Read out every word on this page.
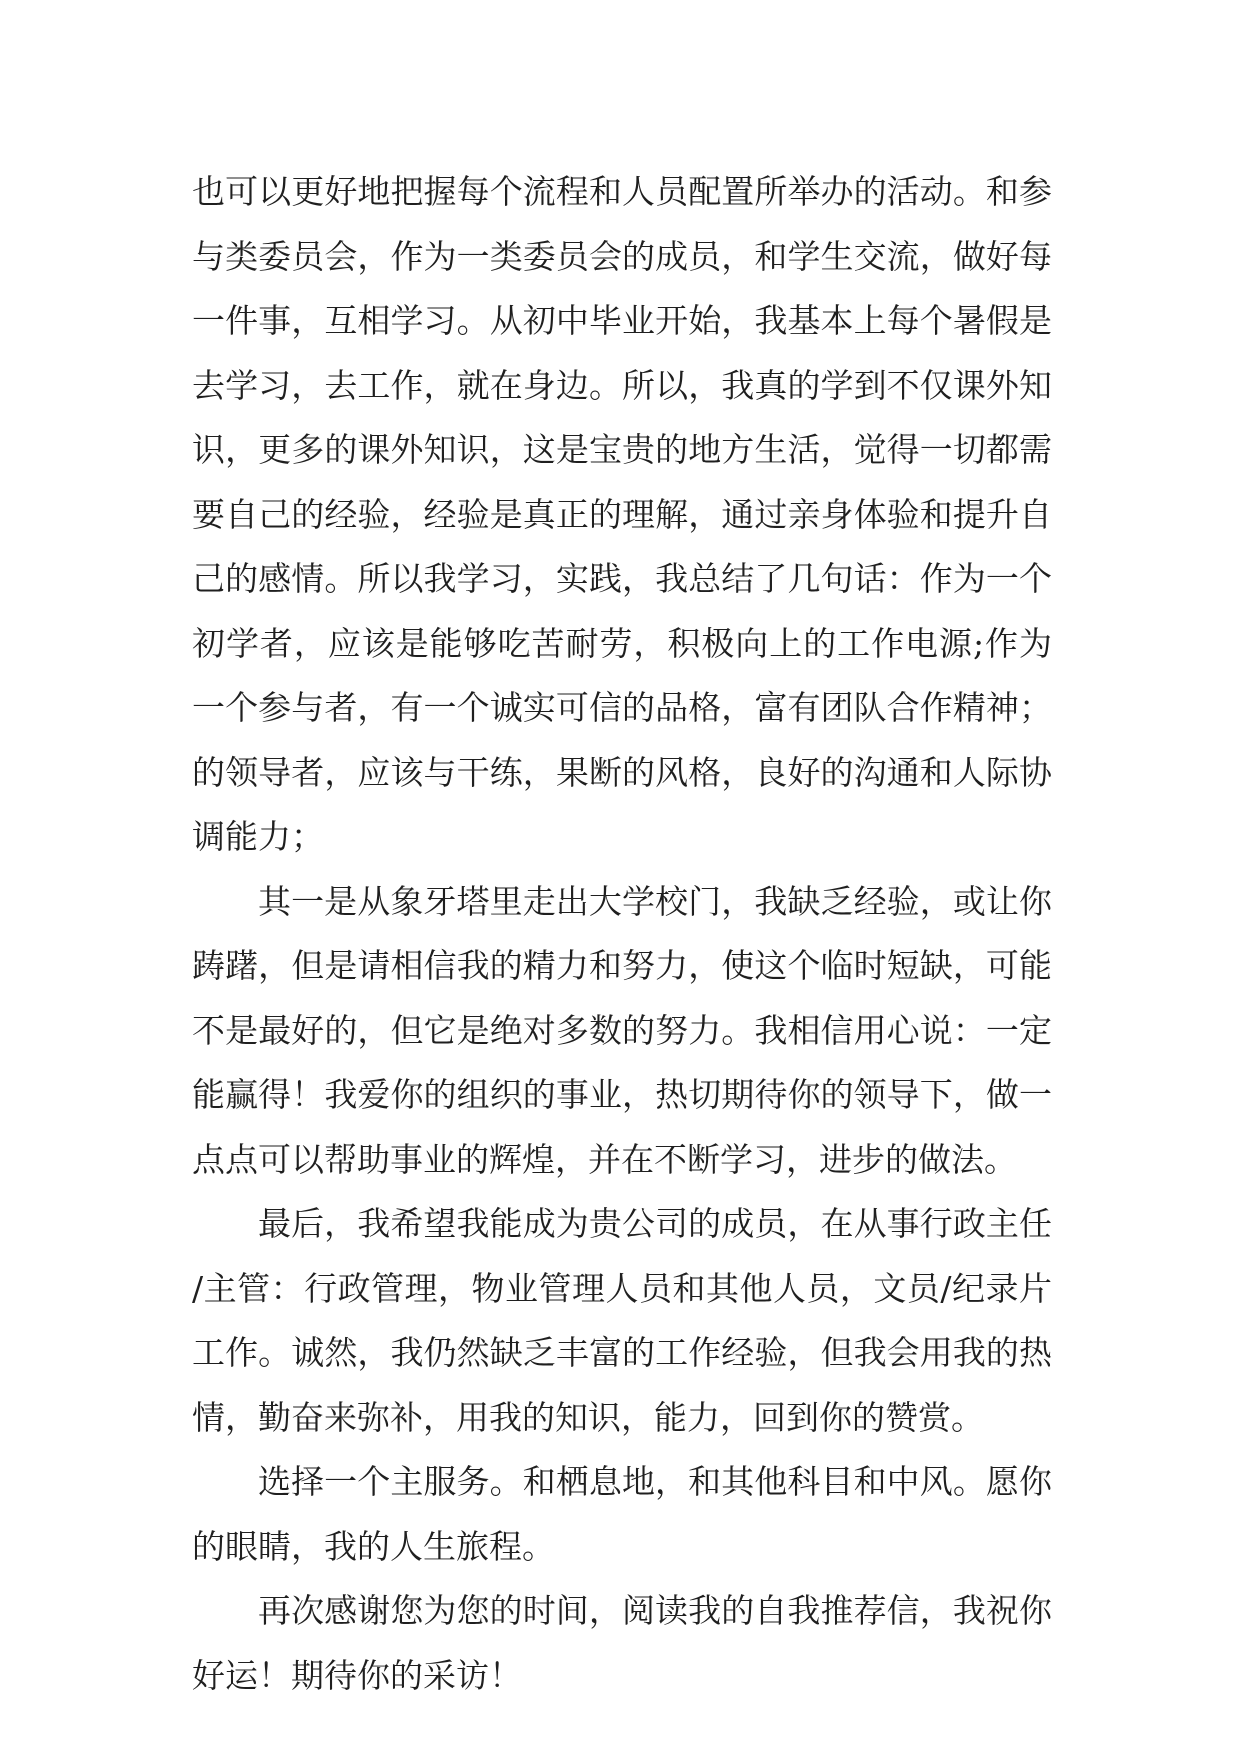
也可以更好地把握每个流程和人员配置所举办的活动。和参
与类委员会，作为一类委员会的成员，和学生交流，做好每
一件事，互相学习。从初中毕业开始，我基本上每个暑假是
去学习，去工作，就在身边。所以，我真的学到不仅课外知
识，更多的课外知识，这是宝贵的地方生活，觉得一切都需
要自己的经验，经验是真正的理解，通过亲身体验和提升自
己的感情。所以我学习，实践，我总结了几句话：作为一个
初学者，应该是能够吃苦耐劳，积极向上的工作电源;作为
一个参与者，有一个诚实可信的品格，富有团队合作精神；
的领导者，应该与干练，果断的风格，良好的沟通和人际协
调能力；
其一是从象牙塔里走出大学校门，我缺乏经验，或让你
踌躇，但是请相信我的精力和努力，使这个临时短缺，可能
不是最好的，但它是绝对多数的努力。我相信用心说：一定
能赢得！我爱你的组织的事业，热切期待你的领导下，做一
点点可以帮助事业的辉煌，并在不断学习，进步的做法。
最后，我希望我能成为贵公司的成员，在从事行政主任
/主管：行政管理，物业管理人员和其他人员，文员/纪录片
工作。诚然，我仍然缺乏丰富的工作经验，但我会用我的热
情，勤奋来弥补，用我的知识，能力，回到你的赞赏。
选择一个主服务。和栖息地，和其他科目和中风。愿你
的眼睛，我的人生旅程。
再次感谢您为您的时间，阅读我的自我推荐信，我祝你
好运！期待你的采访！
